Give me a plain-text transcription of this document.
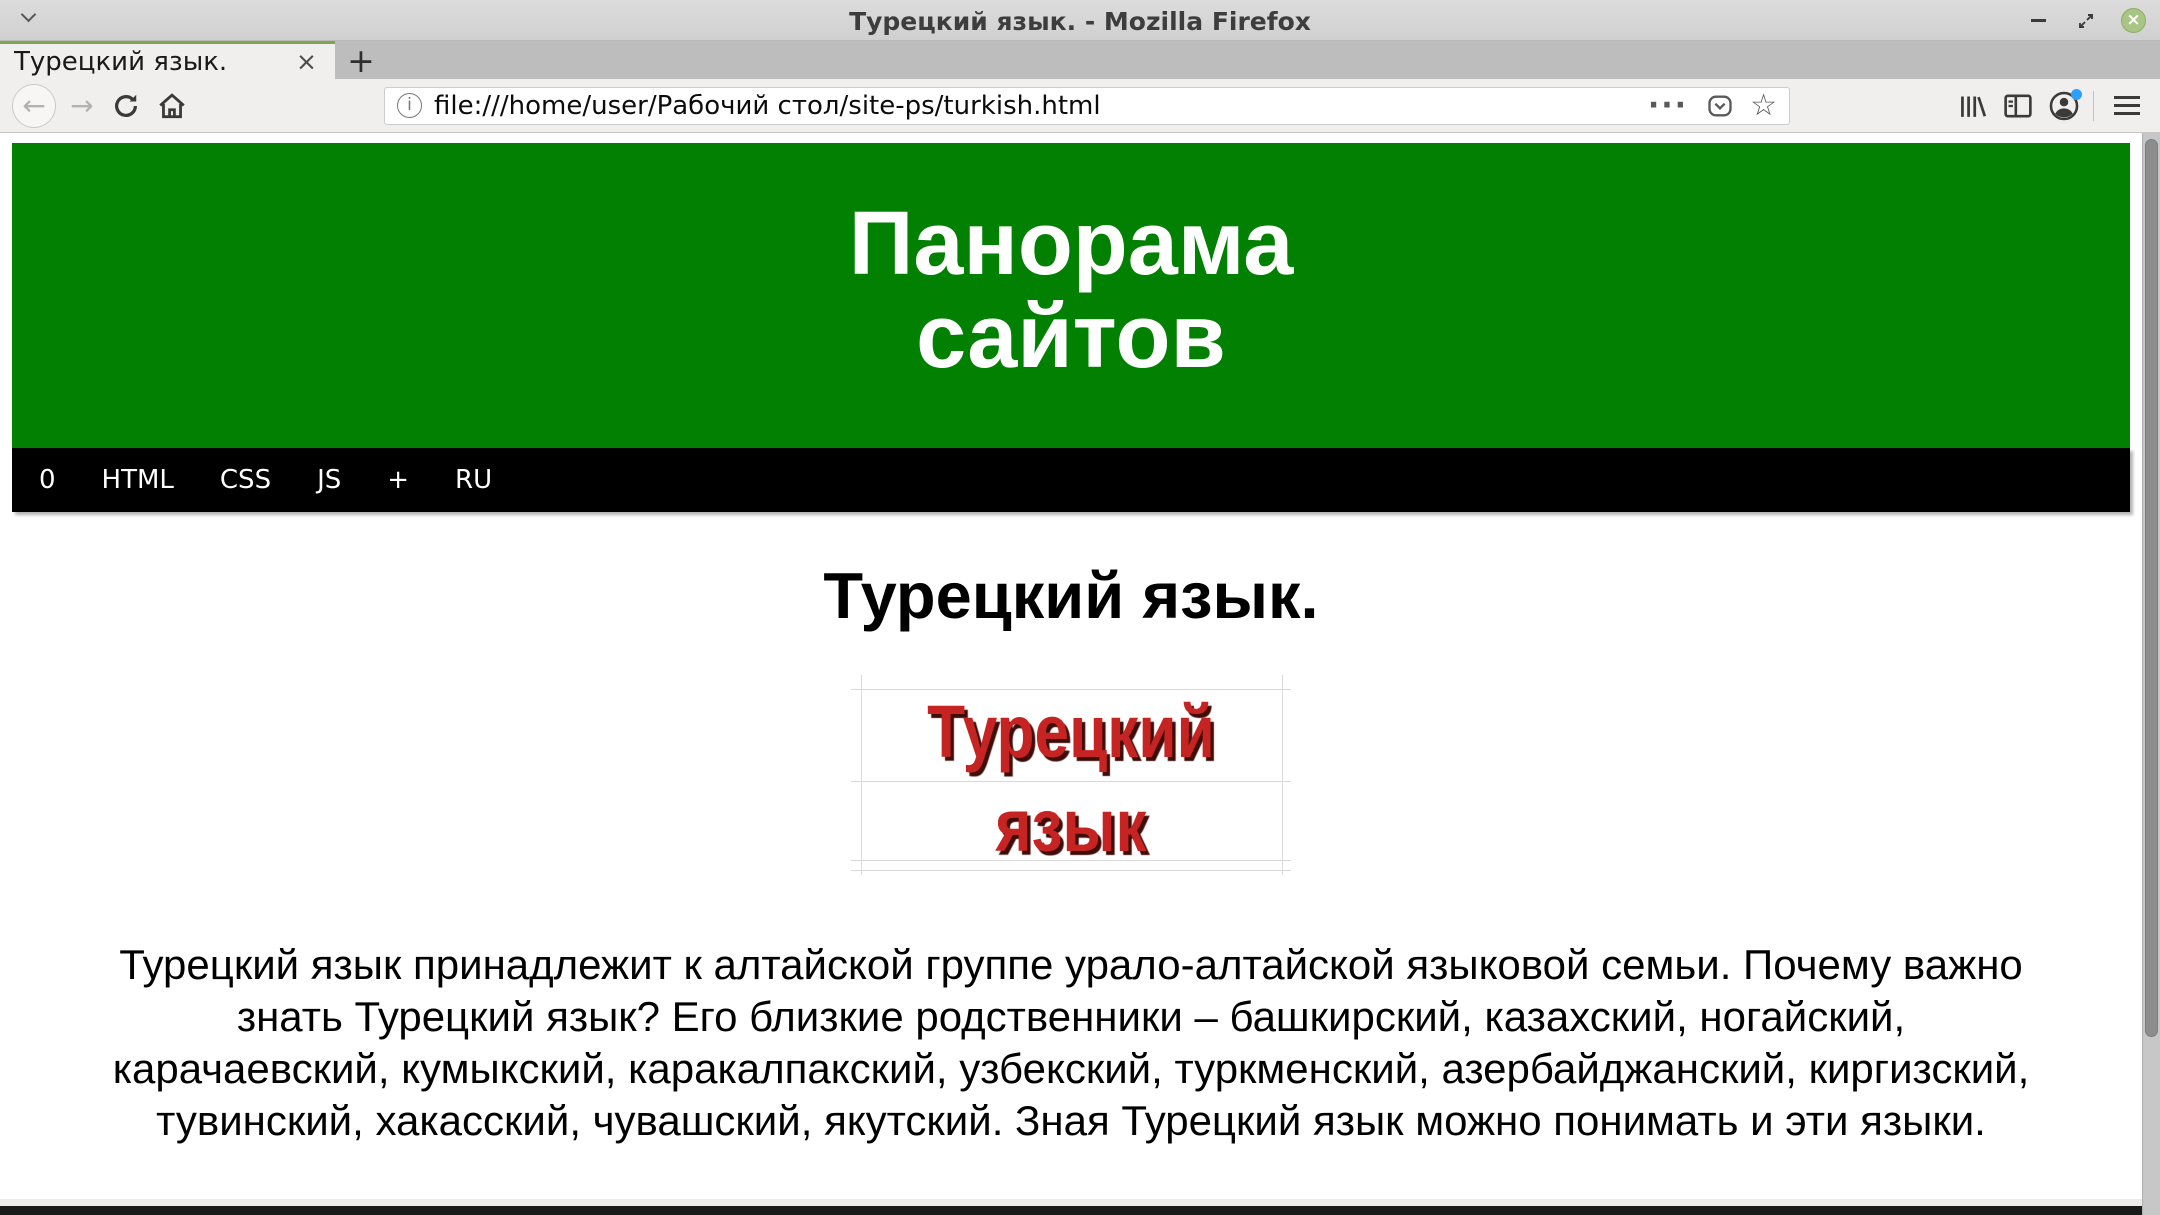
Турецкий язык. - Mozilla Firefox	×
Турецкий язык.	× +
← →	i file:///home/user/Рабочий стол/site-ps/turkish.html	··· ☆
Панорама
сайтов
0 HTML CSS JS + RU
Турецкий язык.
Турецкий
язык
Турецкий язык принадлежит к алтайской группе урало-алтайской языковой семьи. Почему важно
знать Турецкий язык? Его близкие родственники – башкирский, казахский, ногайский,
карачаевский, кумыкский, каракалпакский, узбекский, туркменский, азербайджанский, киргизский,
тувинский, хакасский, чувашский, якутский. Зная Турецкий язык можно понимать и эти языки.
